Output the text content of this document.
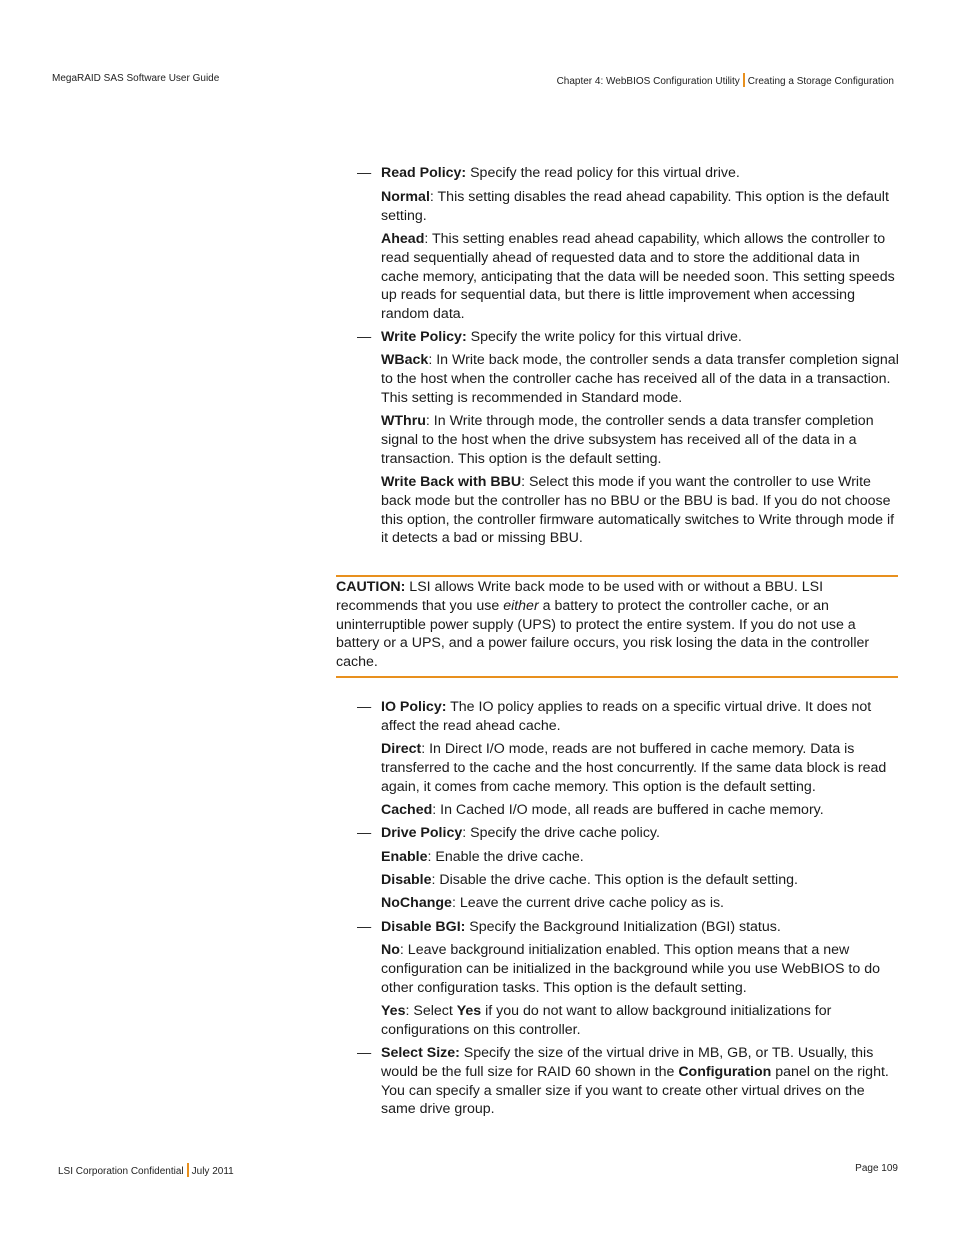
MegaRAID SAS Software User Guide	Chapter 4: WebBIOS Configuration Utility Creating a Storage Configuration
— Read Policy: Specify the read policy for this virtual drive.
Normal: This setting disables the read ahead capability. This option is the default setting.
Ahead: This setting enables read ahead capability, which allows the controller to read sequentially ahead of requested data and to store the additional data in cache memory, anticipating that the data will be needed soon. This setting speeds up reads for sequential data, but there is little improvement when accessing random data.
— Write Policy: Specify the write policy for this virtual drive.
WBack: In Write back mode, the controller sends a data transfer completion signal to the host when the controller cache has received all of the data in a transaction. This setting is recommended in Standard mode.
WThru: In Write through mode, the controller sends a data transfer completion signal to the host when the drive subsystem has received all of the data in a transaction. This option is the default setting.
Write Back with BBU: Select this mode if you want the controller to use Write back mode but the controller has no BBU or the BBU is bad. If you do not choose this option, the controller firmware automatically switches to Write through mode if it detects a bad or missing BBU.

CAUTION: LSI allows Write back mode to be used with or without a BBU. LSI recommends that you use either a battery to protect the controller cache, or an uninterruptible power supply (UPS) to protect the entire system. If you do not use a battery or a UPS, and a power failure occurs, you risk losing the data in the controller cache.

— IO Policy: The IO policy applies to reads on a specific virtual drive. It does not affect the read ahead cache.
Direct: In Direct I/O mode, reads are not buffered in cache memory. Data is transferred to the cache and the host concurrently. If the same data block is read again, it comes from cache memory. This option is the default setting.
Cached: In Cached I/O mode, all reads are buffered in cache memory.
— Drive Policy: Specify the drive cache policy.
Enable: Enable the drive cache.
Disable: Disable the drive cache. This option is the default setting.
NoChange: Leave the current drive cache policy as is.
— Disable BGI: Specify the Background Initialization (BGI) status.
No: Leave background initialization enabled. This option means that a new configuration can be initialized in the background while you use WebBIOS to do other configuration tasks. This option is the default setting.
Yes: Select Yes if you do not want to allow background initializations for configurations on this controller.
— Select Size: Specify the size of the virtual drive in MB, GB, or TB. Usually, this would be the full size for RAID 60 shown in the Configuration panel on the right. You can specify a smaller size if you want to create other virtual drives on the same drive group.
LSI Corporation Confidential July 2011	Page 109
